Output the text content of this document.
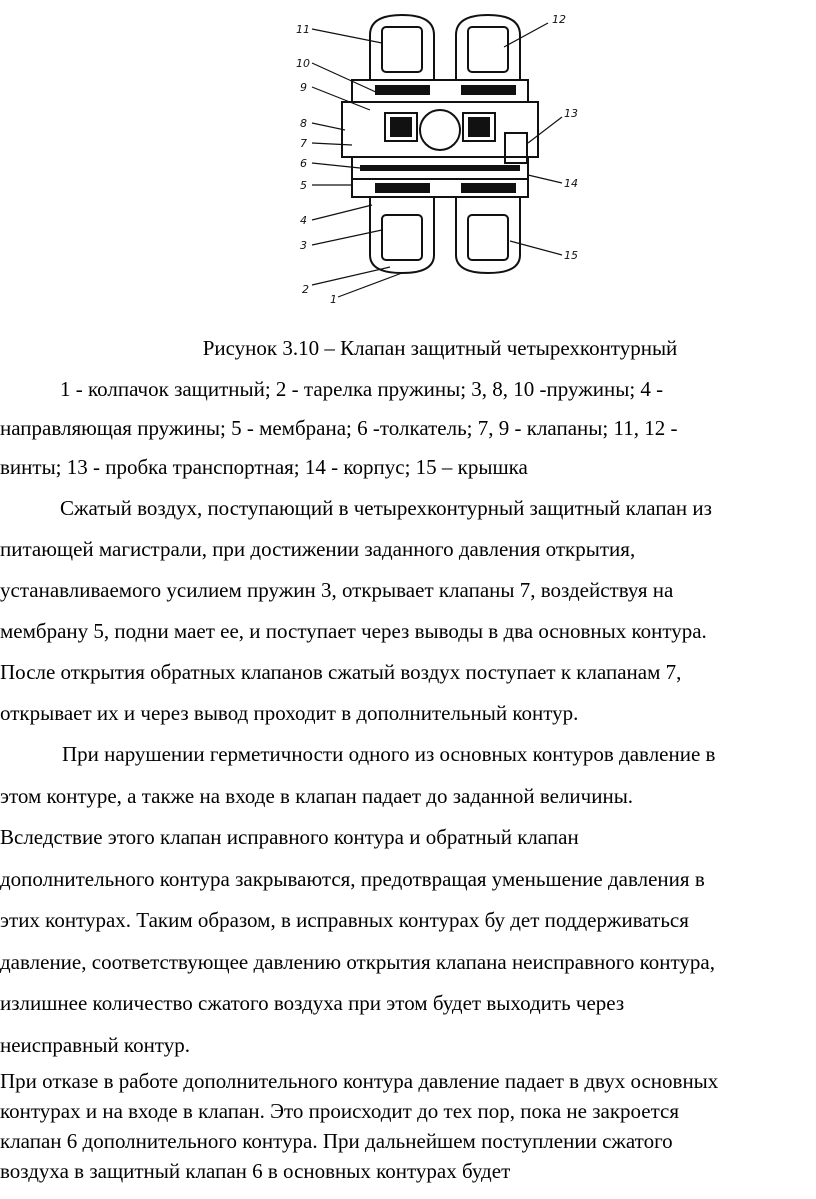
11
10
9
8
7
6
5
4
3
2
1
12
13
14
15
Рисунок 3.10 – Клапан защитный четырехконтурный
1 - колпачок защитный; 2 - тарелка пружины; 3, 8, 10 -пружины; 4 -
направляющая пружины; 5 - мембрана; 6 -толкатель; 7, 9 - клапаны; 11, 12 -
винты; 13 - пробка транспортная; 14 - корпус; 15 – крышка
Сжатый воздух, поступающий в четырехконтурный защитный клапан из
питающей магистрали, при достижении заданного давления открытия,
устанавливаемого усилием пружин 3, открывает клапаны 7, воздействуя на
мембрану 5, подни мает ее, и поступает через выводы в два основных контура.
После открытия обратных клапанов сжатый воздух поступает к клапанам 7,
открывает их и через вывод проходит в дополнительный контур.
При нарушении герметичности одного из основных контуров давление в
этом контуре, а также на входе в клапан падает до заданной величины.
Вследствие этого клапан исправного контура и обратный клапан
дополнительного контура закрываются, предотвращая уменьшение давления в
этих контурах. Таким образом, в исправных контурах бу дет поддерживаться
давление, соответствующее давлению открытия клапана неисправного контура,
излишнее количество сжатого воздуха при этом будет выходить через
неисправный контур.
При отказе в работе дополнительного контура давление падает в двух основных
контурах и на входе в клапан. Это происходит до тех пор, пока не закроется
клапан 6 дополнительного контура. При дальнейшем поступлении сжатого
воздуха в защитный клапан 6 в основных контурах будет
